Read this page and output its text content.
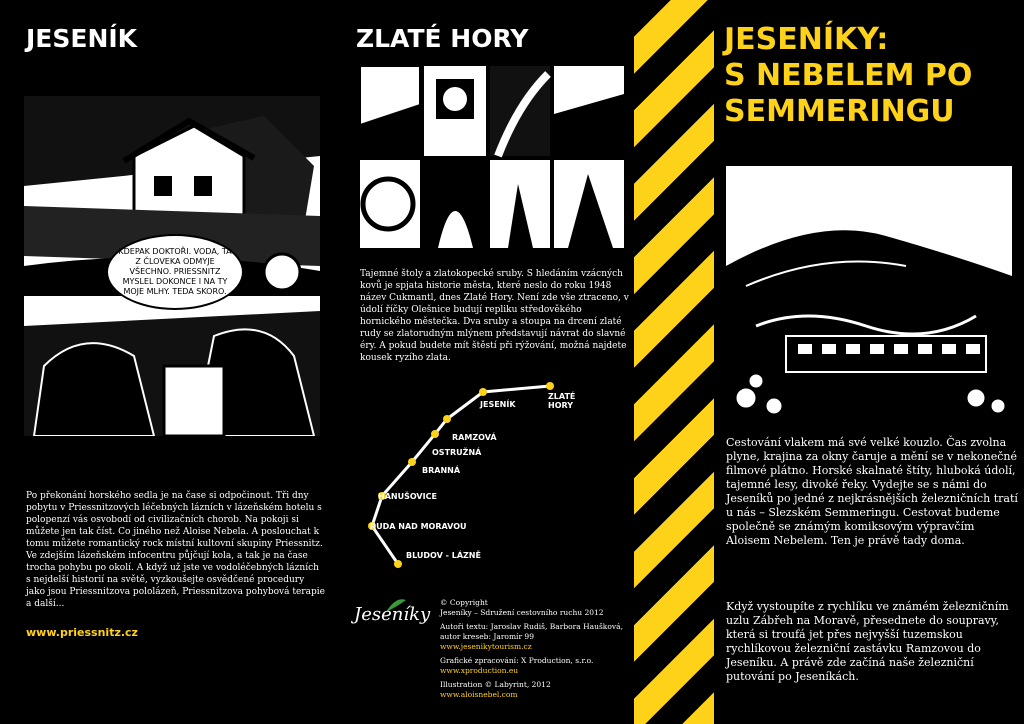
JESENÍK
KDEPAK DOKTOŘI. VODA, TA Z ČLOVEKA ODMYJE VŠECHNO. PRIESSNITZ MYSLEL DOKONCE I NA TY MOJE MLHY. TEDA SKORO.

Po překonání horského sedla je na čase si odpočinout. Tři dny pobytu v Priessnitzových léčebných lázních v lázeňském hotelu s polopenzí vás osvobodí od civilizačních chorob. Na pokoji si můžete jen tak číst. Co jiného než Aloise Nebela. A poslouchat k tomu můžete romantický rock místní kultovní skupiny Priessnitz. Ve zdejším lázeňském infocentru půjčují kola, a tak je na čase trocha pohybu po okolí. A když už jste ve vodoléčebných lázních s nejdelší historií na světě, vyzkoušejte osvědčené procedury jako jsou Priessnitzova pololázeň, Priessnitzova pohybová terapie a další...

www.priessnitz.cz
ZLATÉ HORY

Tajemné štoly a zlatokopecké sruby. S hledáním vzácných kovů je spjata historie města, které neslo do roku 1948 název Cukmantl, dnes Zlaté Hory. Není zde vše ztraceno, v údolí říčky Olešnice budují repliku středověkého hornického městečka. Dva sruby a stoupa na drcení zlaté rudy se zlatorudným mlýnem představují návrat do slavné éry. A pokud budete mít štěstí při rýžování, možná najdete kousek ryzího zlata.

ZLATÉ HORY
JESENÍK
RAMZOVÁ
OSTRUŽNÁ
BRANNÁ
HANUŠOVICE
RUDA NAD MORAVOU
BLUDOV - LÁZNĚ
Jeseníky
© Copyright
Jeseníky – Sdružení cestovního ruchu 2012
Autoři textu: Jaroslav Rudiš, Barbora Haušková, autor kreseb: Jaromír 99
www.jesenikytourism.cz
Grafické zpracování: X Production, s.r.o.
www.xproduction.eu
Illustration © Labyrint, 2012
www.aloisnebel.com
JESENÍKY:
S NEBELEM PO
SEMMERINGU

Cestování vlakem má své velké kouzlo. Čas zvolna plyne, krajina za okny čaruje a mění se v nekonečné filmové plátno. Horské skalnaté štíty, hluboká údolí, tajemné lesy, divoké řeky. Vydejte se s námi do Jeseníků po jedné z nejkrásnějších železničních tratí u nás – Slezském Semmeringu. Cestovat budeme společně se známým komiksovým výpravčím Aloisem Nebelem. Ten je právě tady doma.

Když vystoupíte z rychlíku ve známém železničním uzlu Zábřeh na Moravě, přesednete do soupravy, která si troufá jet přes nejvyšší tuzemskou rychlíkovou železniční zastávku Ramzovou do Jeseníku. A právě zde začíná naše železniční putování po Jeseníkách.
